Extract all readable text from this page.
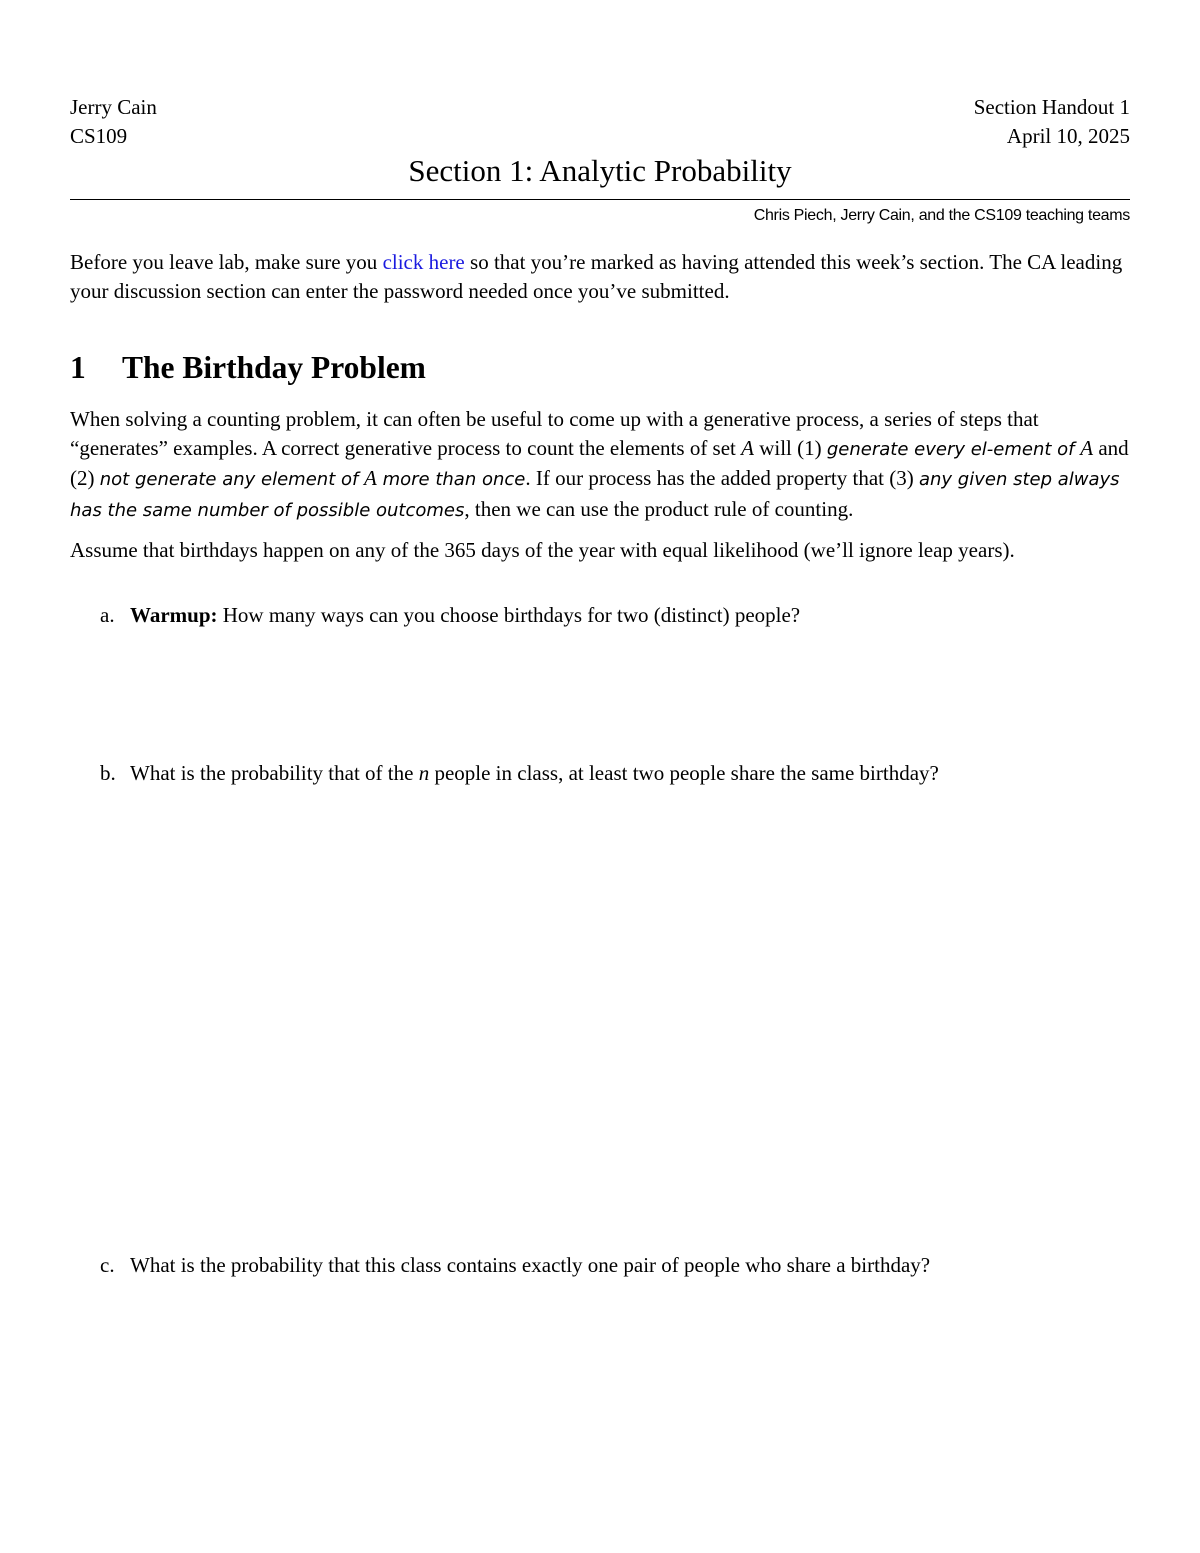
Jerry Cain
CS109
Section Handout 1
April 10, 2025
Section 1: Analytic Probability
Chris Piech, Jerry Cain, and the CS109 teaching teams
Before you leave lab, make sure you click here so that you’re marked as having attended this week’s section. The CA leading your discussion section can enter the password needed once you’ve submitted.
1 The Birthday Problem
When solving a counting problem, it can often be useful to come up with a generative process, a series of steps that “generates” examples. A correct generative process to count the elements of set A will (1) generate every el-ement of A and (2) not generate any element of A more than once. If our process has the added property that (3) any given step always has the same number of possible outcomes, then we can use the product rule of counting.
Assume that birthdays happen on any of the 365 days of the year with equal likelihood (we’ll ignore leap years).
a. Warmup: How many ways can you choose birthdays for two (distinct) people?
b. What is the probability that of the n people in class, at least two people share the same birthday?
c. What is the probability that this class contains exactly one pair of people who share a birthday?
